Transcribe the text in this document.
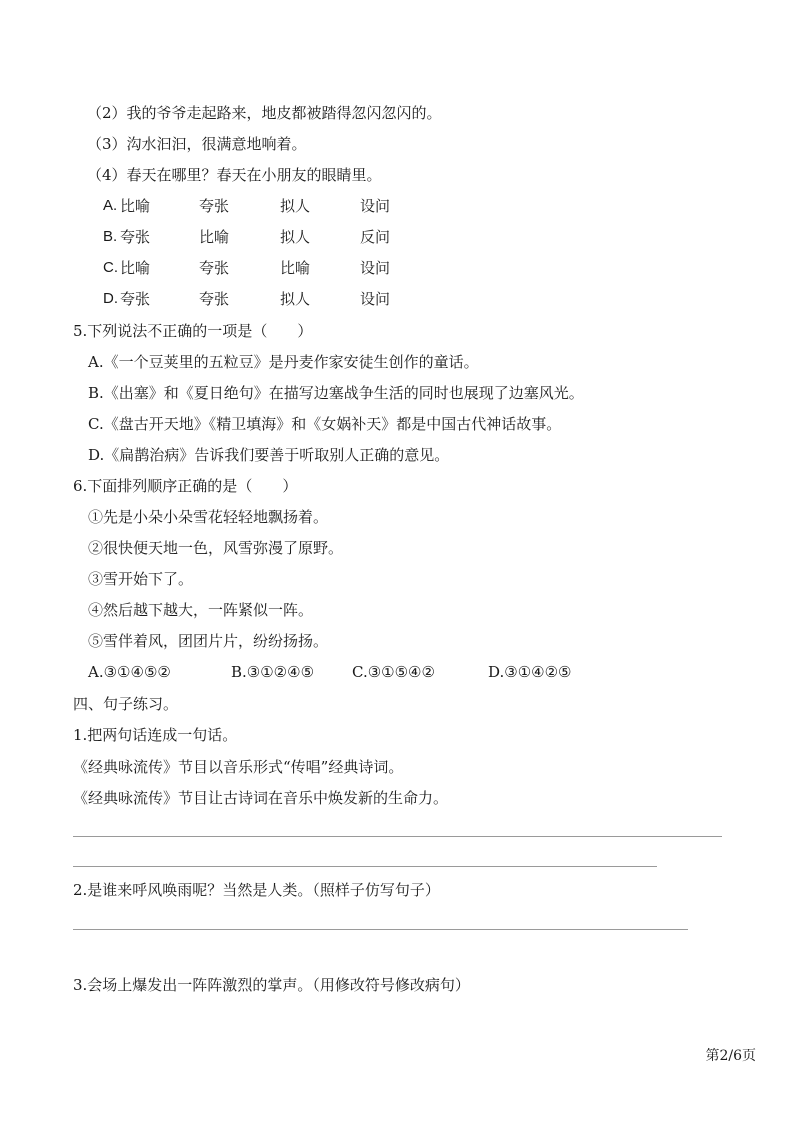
（2）我的爷爷走起路来，地皮都被踏得忽闪忽闪的。
（3）沟水汩汩，很满意地响着。
（4）春天在哪里？春天在小朋友的眼睛里。
A. 比喻	夸张	拟人	设问
B. 夸张	比喻	拟人	反问
C. 比喻	夸张	比喻	设问
D. 夸张	夸张	拟人	设问
5.下列说法不正确的一项是（　　）
A.《一个豆荚里的五粒豆》是丹麦作家安徒生创作的童话。
B.《出塞》和《夏日绝句》在描写边塞战争生活的同时也展现了边塞风光。
C.《盘古开天地》《精卫填海》和《女娲补天》都是中国古代神话故事。
D.《扁鹊治病》告诉我们要善于听取别人正确的意见。
6.下面排列顺序正确的是（　　）
①先是小朵小朵雪花轻轻地飘扬着。
②很快便天地一色，风雪弥漫了原野。
③雪开始下了。
④然后越下越大，一阵紧似一阵。
⑤雪伴着风，团团片片，纷纷扬扬。
A.③①④⑤②	B.③①②④⑤	C.③①⑤④②	D.③①④②⑤
四、句子练习。
1.把两句话连成一句话。
《经典咏流传》节目以音乐形式“传唱”经典诗词。
《经典咏流传》节目让古诗词在音乐中焕发新的生命力。
2.是谁来呼风唤雨呢？当然是人类。（照样子仿写句子）
3.会场上爆发出一阵阵激烈的掌声。（用修改符号修改病句）
第2/6页
